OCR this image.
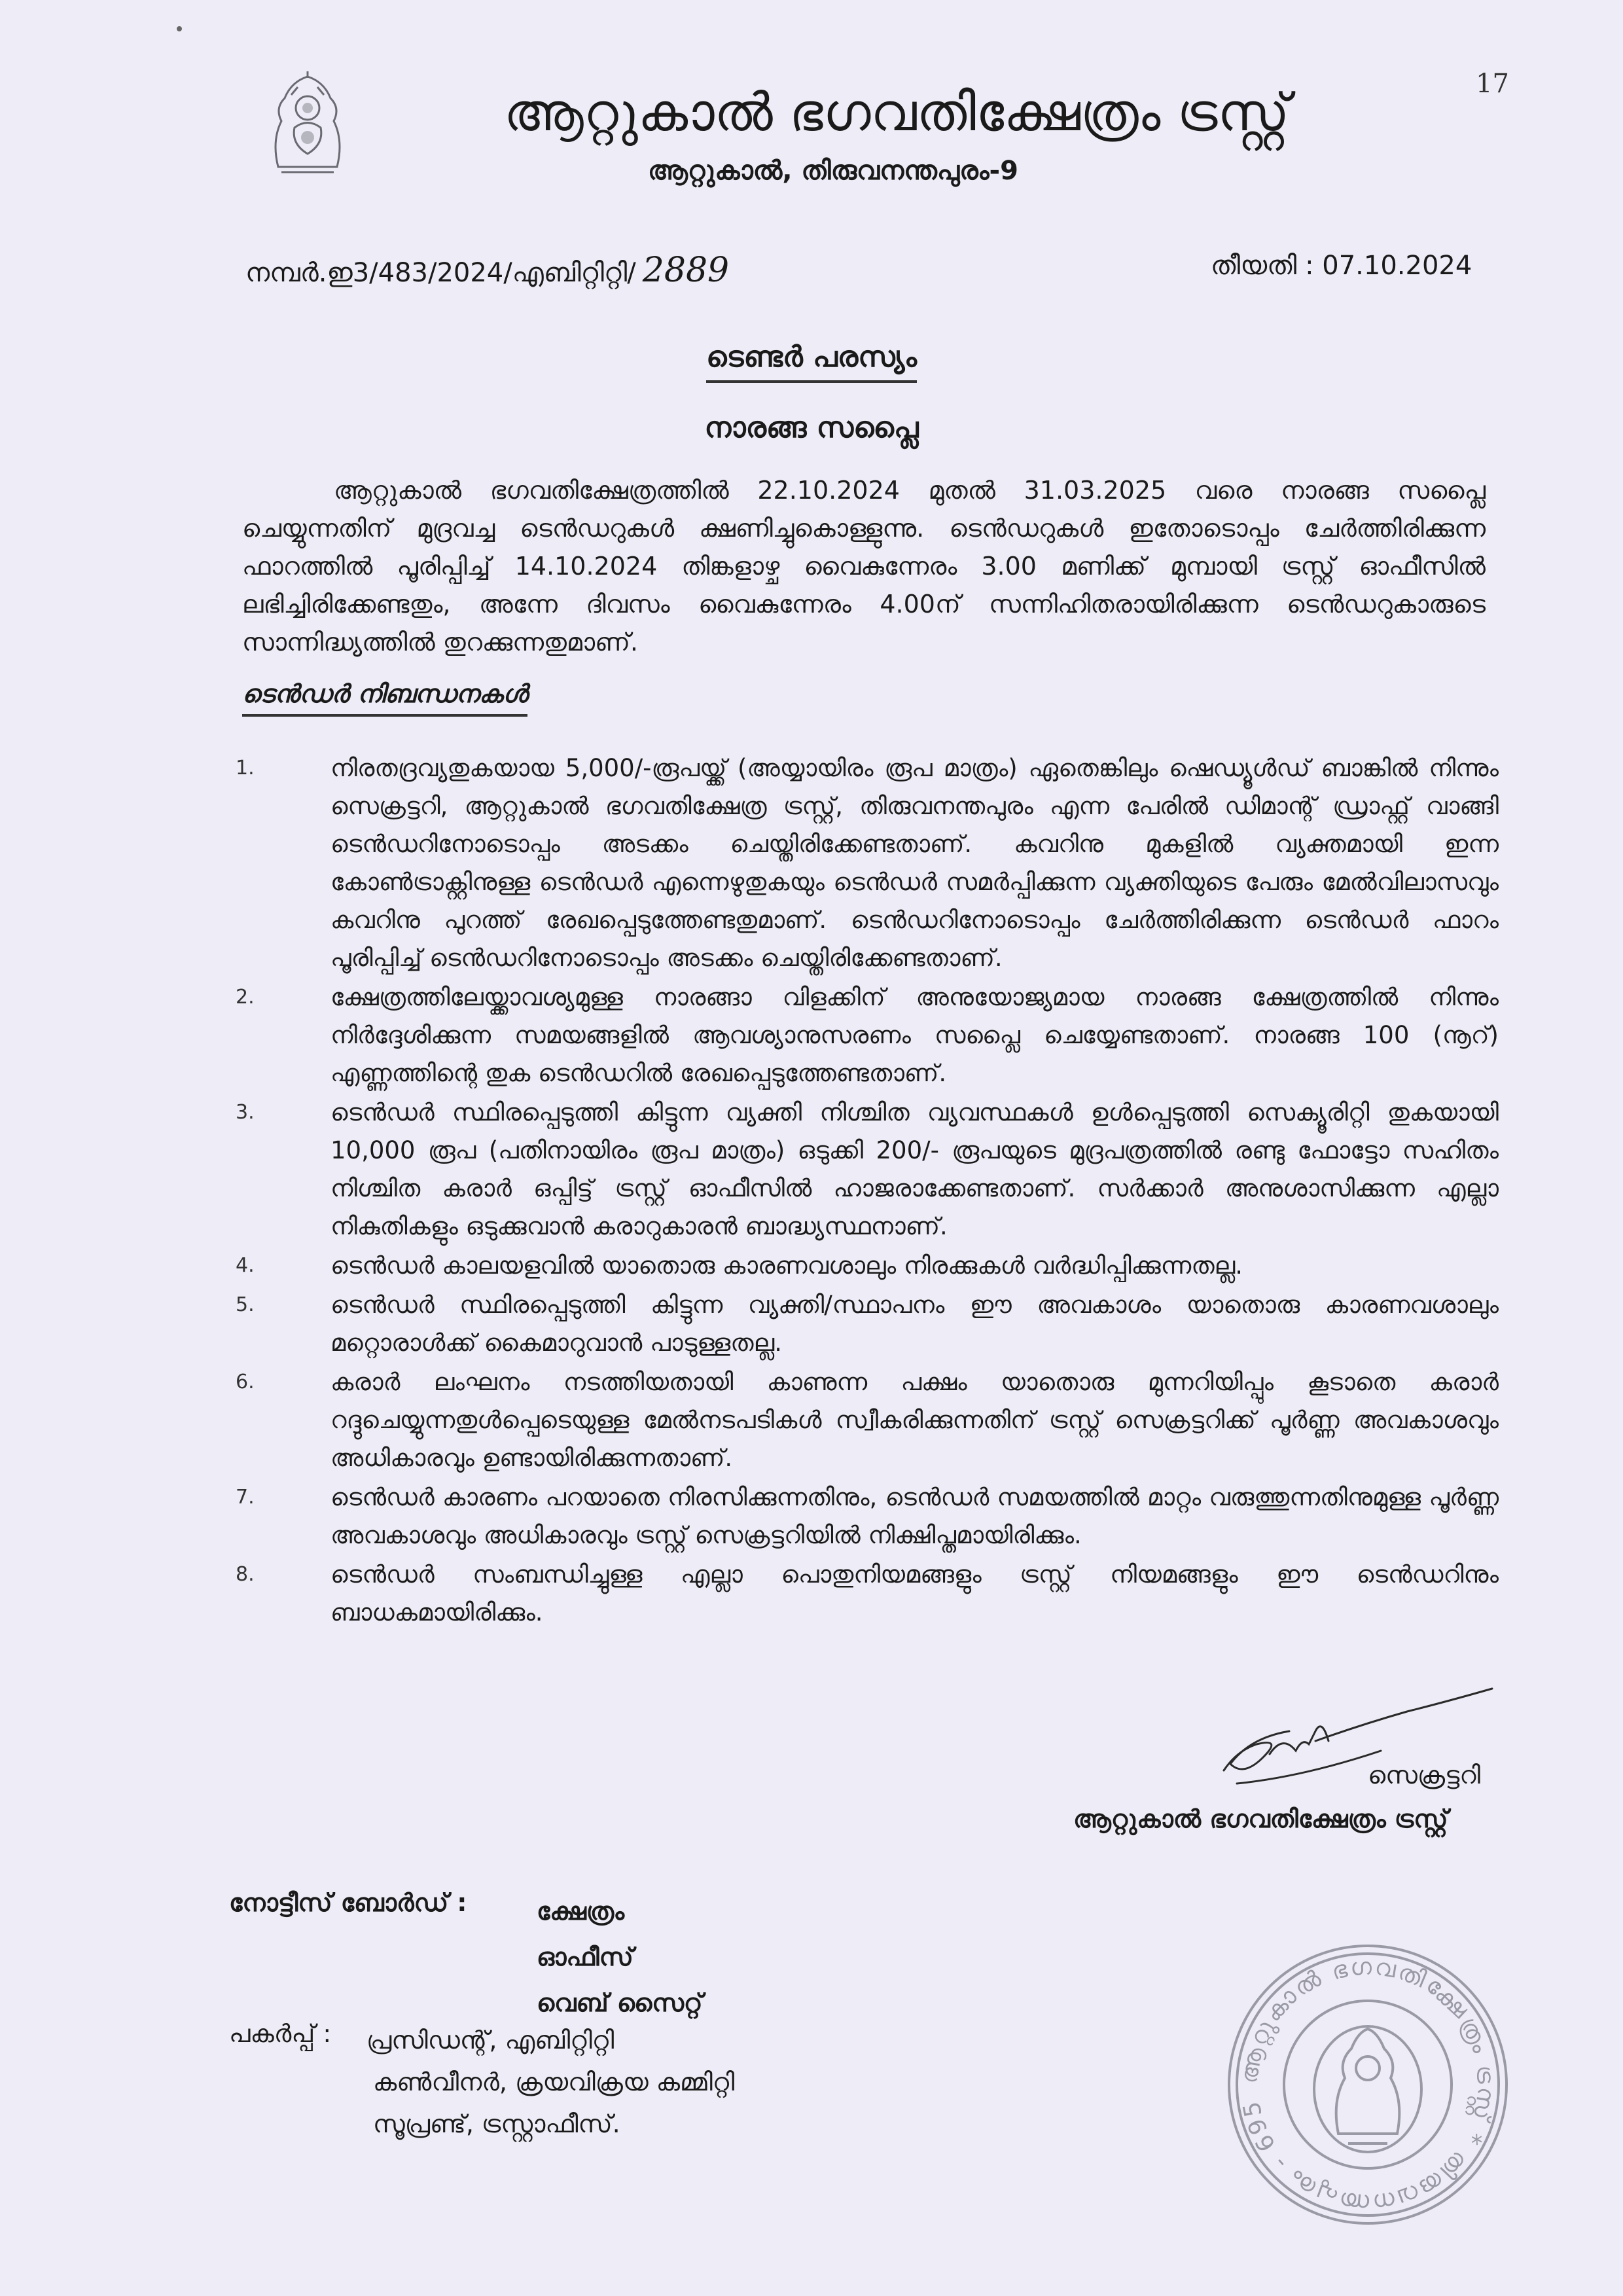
17
ആറ്റുകാൽ ഭഗവതിക്ഷേത്രം ട്രസ്റ്റ്
ആറ്റുകാൽ, തിരുവനന്തപുരം-9
നമ്പർ.ഇ3/483/2024/എബിറ്റിറ്റി/ 2889	തീയതി : 07.10.2024
ടെണ്ടർ പരസ്യം
നാരങ്ങ സപ്ലൈ
ആറ്റുകാൽ ഭഗവതിക്ഷേത്രത്തിൽ 22.10.2024 മുതൽ 31.03.2025 വരെ നാരങ്ങ സപ്ലൈ ചെയ്യുന്നതിന് മുദ്രവച്ച ടെൻഡറുകൾ ക്ഷണിച്ചുകൊള്ളുന്നു. ടെൻഡറുകൾ ഇതോടൊപ്പം ചേർത്തിരിക്കുന്ന ഫാറത്തിൽ പൂരിപ്പിച്ച് 14.10.2024 തിങ്കളാഴ്ച വൈകുന്നേരം 3.00 മണിക്ക് മുമ്പായി ട്രസ്റ്റ് ഓഫീസിൽ ലഭിച്ചിരിക്കേണ്ടതും, അന്നേ ദിവസം വൈകുന്നേരം 4.00ന് സന്നിഹിതരായിരിക്കുന്ന ടെൻഡറുകാരുടെ സാന്നിദ്ധ്യത്തിൽ തുറക്കുന്നതുമാണ്.
ടെൻഡർ നിബന്ധനകൾ
1.	നിരതദ്രവ്യതുകയായ 5,000/-രൂപയ്ക്ക് (അയ്യായിരം രൂപ മാത്രം) ഏതെങ്കിലും ഷെഡ്യൂൾഡ് ബാങ്കിൽ നിന്നും സെക്രട്ടറി, ആറ്റുകാൽ ഭഗവതിക്ഷേത്ര ട്രസ്റ്റ്, തിരുവനന്തപുരം എന്ന പേരിൽ ഡിമാന്റ് ഡ്രാഫ്റ്റ് വാങ്ങി ടെൻഡറിനോടൊപ്പം അടക്കം ചെയ്തിരിക്കേണ്ടതാണ്. കവറിനു മുകളിൽ വ്യക്തമായി ഇന്ന കോൺട്രാക്റ്റിനുള്ള ടെൻഡർ എന്നെഴുതുകയും ടെൻഡർ സമർപ്പിക്കുന്ന വ്യക്തിയുടെ പേരും മേൽവിലാസവും കവറിനു പുറത്ത് രേഖപ്പെടുത്തേണ്ടതുമാണ്. ടെൻഡറിനോടൊപ്പം ചേർത്തിരിക്കുന്ന ടെൻഡർ ഫാറം പൂരിപ്പിച്ച് ടെൻഡറിനോടൊപ്പം അടക്കം ചെയ്തിരിക്കേണ്ടതാണ്.
2.	ക്ഷേത്രത്തിലേയ്ക്കാവശ്യമുള്ള നാരങ്ങാ വിളക്കിന് അനുയോജ്യമായ നാരങ്ങ ക്ഷേത്രത്തിൽ നിന്നും നിർദ്ദേശിക്കുന്ന സമയങ്ങളിൽ ആവശ്യാനുസരണം സപ്ലൈ ചെയ്യേണ്ടതാണ്. നാരങ്ങ 100 (നൂറ്) എണ്ണത്തിന്റെ തുക ടെൻഡറിൽ രേഖപ്പെടുത്തേണ്ടതാണ്.
3.	ടെൻഡർ സ്ഥിരപ്പെടുത്തി കിട്ടുന്ന വ്യക്തി നിശ്ചിത വ്യവസ്ഥകൾ ഉൾപ്പെടുത്തി സെക്യൂരിറ്റി തുകയായി 10,000 രൂപ (പതിനായിരം രൂപ മാത്രം) ഒടുക്കി 200/- രൂപയുടെ മുദ്രപത്രത്തിൽ രണ്ടു ഫോട്ടോ സഹിതം നിശ്ചിത കരാർ ഒപ്പിട്ട് ട്രസ്റ്റ് ഓഫീസിൽ ഹാജരാക്കേണ്ടതാണ്. സർക്കാർ അനുശാസിക്കുന്ന എല്ലാ നികുതികളും ഒടുക്കുവാൻ കരാറുകാരൻ ബാദ്ധ്യസ്ഥനാണ്.
4.	ടെൻഡർ കാലയളവിൽ യാതൊരു കാരണവശാലും നിരക്കുകൾ വർദ്ധിപ്പിക്കുന്നതല്ല.
5.	ടെൻഡർ സ്ഥിരപ്പെടുത്തി കിട്ടുന്ന വ്യക്തി/സ്ഥാപനം ഈ അവകാശം യാതൊരു കാരണവശാലും മറ്റൊരാൾക്ക് കൈമാറുവാൻ പാടുള്ളതല്ല.
6.	കരാർ ലംഘനം നടത്തിയതായി കാണുന്ന പക്ഷം യാതൊരു മുന്നറിയിപ്പും കൂടാതെ കരാർ റദ്ദുചെയ്യുന്നതുൾപ്പെടെയുള്ള മേൽനടപടികൾ സ്വീകരിക്കുന്നതിന് ട്രസ്റ്റ് സെക്രട്ടറിക്ക് പൂർണ്ണ അവകാശവും അധികാരവും ഉണ്ടായിരിക്കുന്നതാണ്.
7.	ടെൻഡർ കാരണം പറയാതെ നിരസിക്കുന്നതിനും, ടെൻഡർ സമയത്തിൽ മാറ്റം വരുത്തുന്നതിനുമുള്ള പൂർണ്ണ അവകാശവും അധികാരവും ട്രസ്റ്റ് സെക്രട്ടറിയിൽ നിക്ഷിപ്തമായിരിക്കും.
8.	ടെൻഡർ സംബന്ധിച്ചുള്ള എല്ലാ പൊതുനിയമങ്ങളും ട്രസ്റ്റ് നിയമങ്ങളും ഈ ടെൻഡറിനും ബാധകമായിരിക്കും.
സെക്രട്ടറി
ആറ്റുകാൽ ഭഗവതിക്ഷേത്രം ട്രസ്റ്റ്
നോട്ടീസ് ബോർഡ് :	ക്ഷേത്രം
ഓഫീസ്
വെബ് സൈറ്റ്
പകർപ്പ് : പ്രസിഡന്റ്, എബിറ്റിറ്റി
കൺവീനർ, ക്രയവിക്രയ കമ്മിറ്റി
സൂപ്രണ്ട്, ട്രസ്റ്റാഫീസ്.
ആറ്റുകാൽ ഭഗവതിക്ഷേത്രം ട്രസ്റ്റ് * തിരുവനന്തപുരം - 695
